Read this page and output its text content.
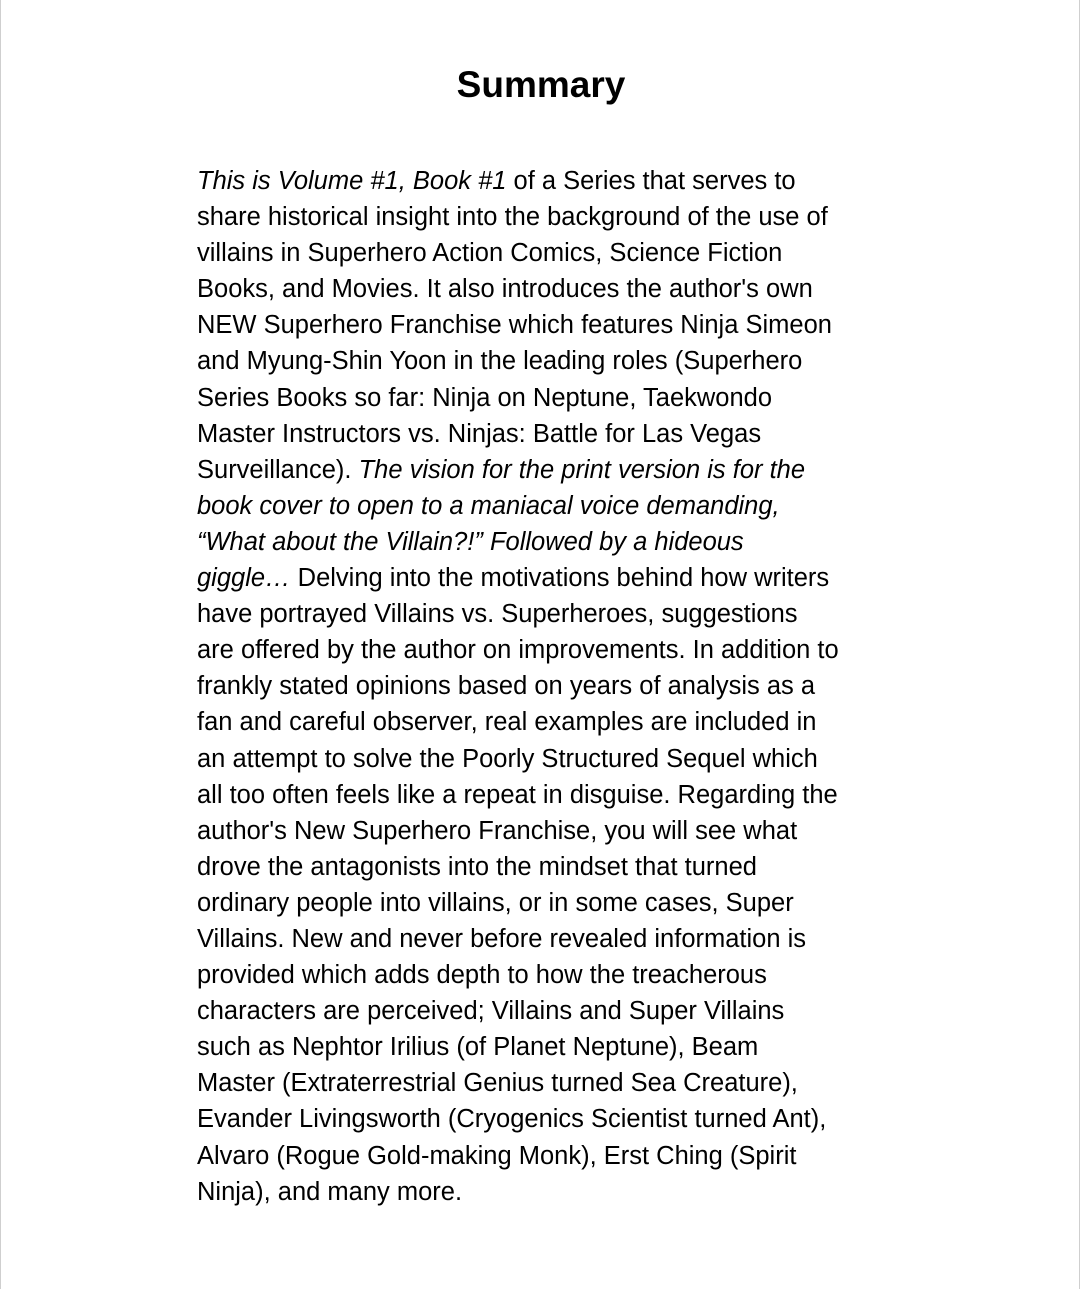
Summary
This is Volume #1, Book #1 of a Series that serves to
share historical insight into the background of the use of
villains in Superhero Action Comics, Science Fiction
Books, and Movies. It also introduces the author's own
NEW Superhero Franchise which features Ninja Simeon
and Myung-Shin Yoon in the leading roles (Superhero
Series Books so far: Ninja on Neptune, Taekwondo
Master Instructors vs. Ninjas: Battle for Las Vegas
Surveillance). The vision for the print version is for the
book cover to open to a maniacal voice demanding,
“What about the Villain?!” Followed by a hideous
giggle… Delving into the motivations behind how writers
have portrayed Villains vs. Superheroes, suggestions
are offered by the author on improvements. In addition to
frankly stated opinions based on years of analysis as a
fan and careful observer, real examples are included in
an attempt to solve the Poorly Structured Sequel which
all too often feels like a repeat in disguise. Regarding the
author's New Superhero Franchise, you will see what
drove the antagonists into the mindset that turned
ordinary people into villains, or in some cases, Super
Villains. New and never before revealed information is
provided which adds depth to how the treacherous
characters are perceived; Villains and Super Villains
such as Nephtor Irilius (of Planet Neptune), Beam
Master (Extraterrestrial Genius turned Sea Creature),
Evander Livingsworth (Cryogenics Scientist turned Ant),
Alvaro (Rogue Gold-making Monk), Erst Ching (Spirit
Ninja), and many more.
